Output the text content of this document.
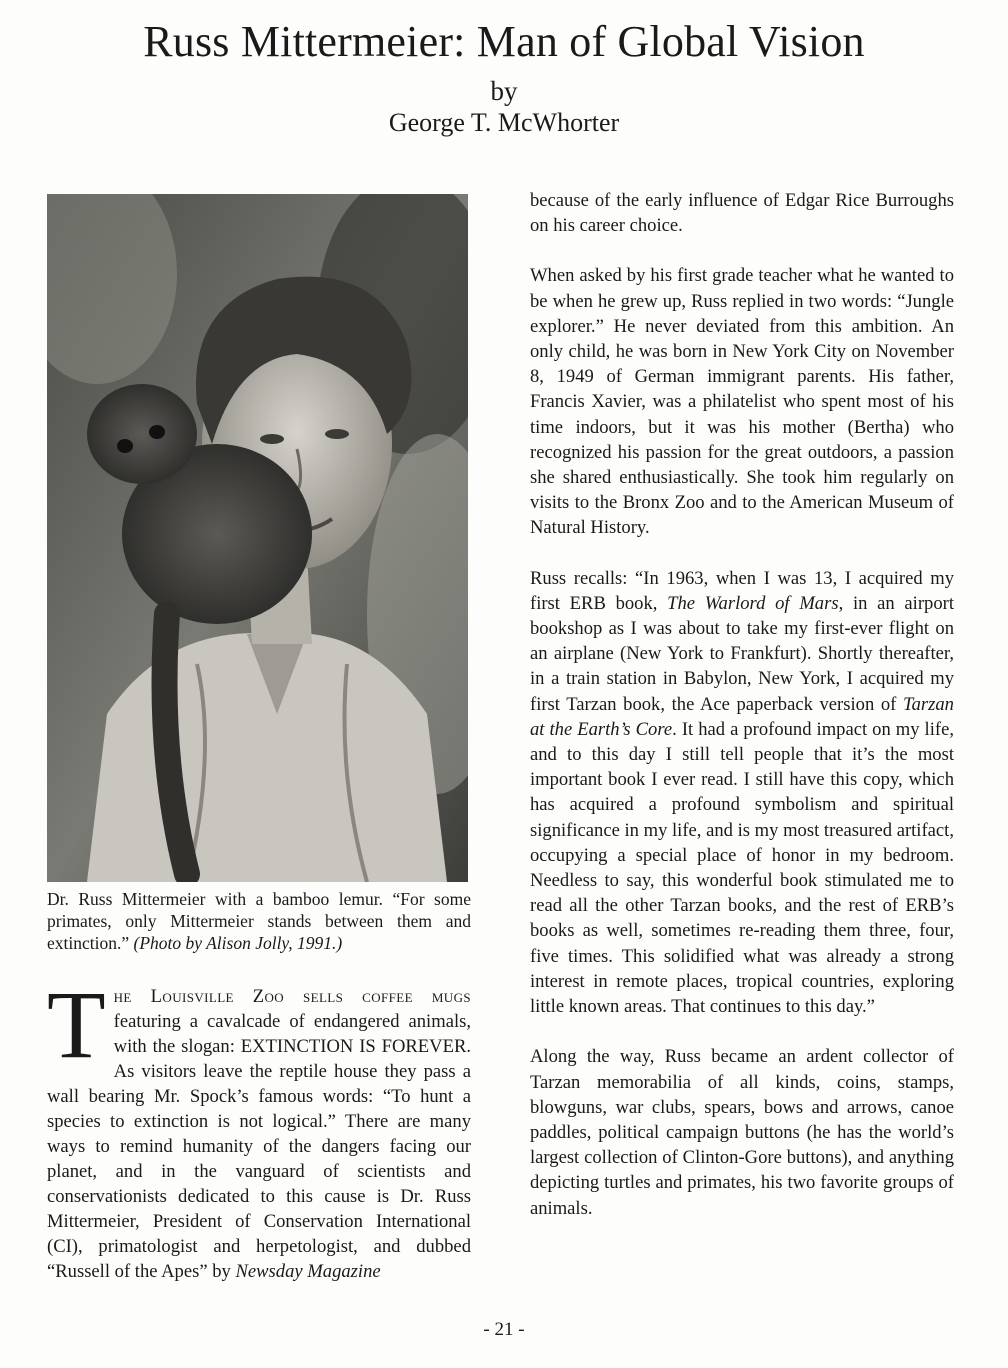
Russ Mittermeier: Man of Global Vision
by
George T. McWhorter
Dr. Russ Mittermeier with a bamboo lemur. “For some primates, only Mittermeier stands between them and extinction.” (Photo by Alison Jolly, 1991.)
T he Louisville Zoo sells coffee mugs featuring a cavalcade of endangered animals, with the slogan: EXTINCTION IS FOREVER. As visitors leave the reptile house they pass a wall bearing Mr. Spock’s famous words: “To hunt a species to extinction is not logical.” There are many ways to remind humanity of the dangers facing our planet, and in the vanguard of scientists and conservationists dedicated to this cause is Dr. Russ Mittermeier, President of Conservation International (CI), primatologist and herpetologist, and dubbed “Russell of the Apes” by Newsday Magazine

because of the early influence of Edgar Rice Burroughs on his career choice.

When asked by his first grade teacher what he wanted to be when he grew up, Russ replied in two words: “Jungle explorer.” He never deviated from this ambition. An only child, he was born in New York City on November 8, 1949 of German immigrant parents. His father, Francis Xavier, was a philatelist who spent most of his time indoors, but it was his mother (Bertha) who recognized his passion for the great outdoors, a passion she shared enthusiastically. She took him regularly on visits to the Bronx Zoo and to the American Museum of Natural History.

Russ recalls: “In 1963, when I was 13, I acquired my first ERB book, The Warlord of Mars, in an airport bookshop as I was about to take my first-ever flight on an airplane (New York to Frankfurt). Shortly thereafter, in a train station in Babylon, New York, I acquired my first Tarzan book, the Ace paperback version of Tarzan at the Earth’s Core. It had a profound impact on my life, and to this day I still tell people that it’s the most important book I ever read. I still have this copy, which has acquired a profound symbolism and spiritual significance in my life, and is my most treasured artifact, occupying a special place of honor in my bedroom. Needless to say, this wonderful book stimulated me to read all the other Tarzan books, and the rest of ERB’s books as well, sometimes re-reading them three, four, five times. This solidified what was already a strong interest in remote places, tropical countries, exploring little known areas. That continues to this day.”

Along the way, Russ became an ardent collector of Tarzan memorabilia of all kinds, coins, stamps, blowguns, war clubs, spears, bows and arrows, canoe paddles, political campaign buttons (he has the world’s largest collection of Clinton-Gore buttons), and anything depicting turtles and primates, his two favorite groups of animals.

- 21 -
